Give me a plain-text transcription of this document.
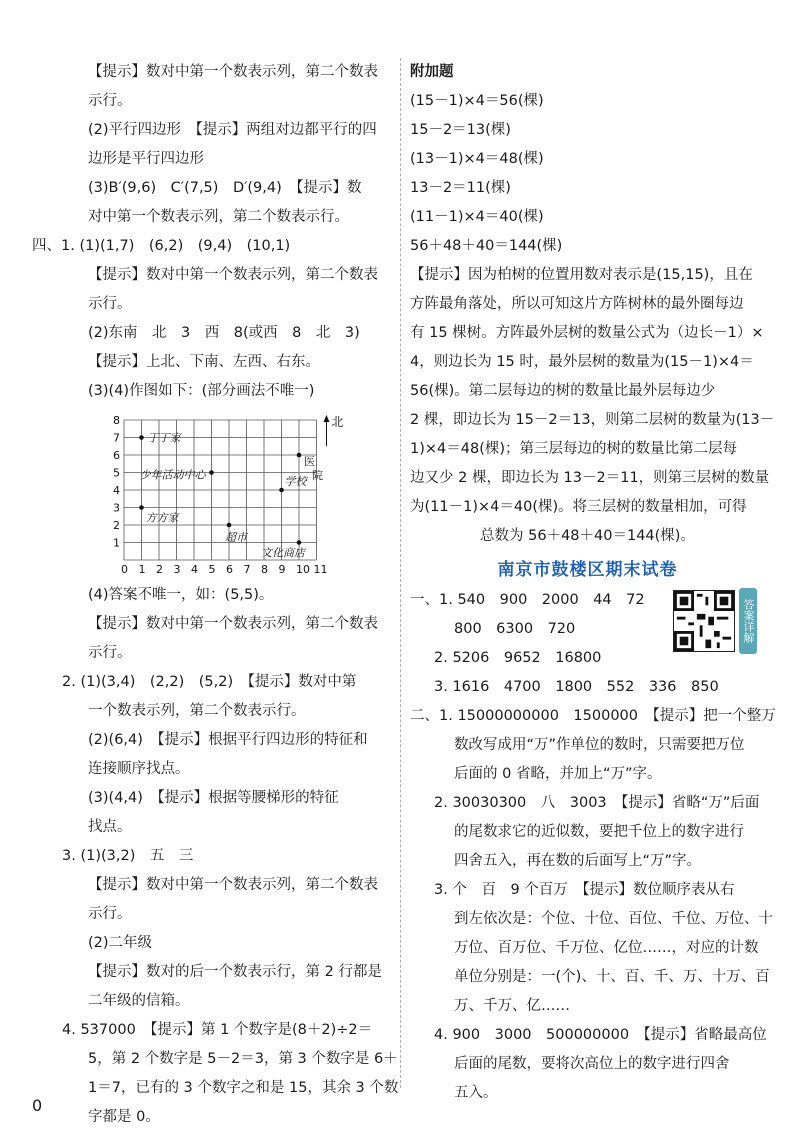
【提示】数对中第一个数表示列，第二个数表
示行。
(2)平行四边形　【提示】两组对边都平行的四
边形是平行四边形
(3)B′(9,6)　C′(7,5)　D′(9,4)　【提示】数
对中第一个数表示列，第二个数表示行。
四、1. (1)(1,7)　(6,2)　(9,4)　(10,1)
【提示】数对中第一个数表示列，第二个数表
示行。
(2)东南　北　3　西　8(或西　8　北　3)
【提示】上北、下南、左西、右东。
(3)(4)作图如下：(部分画法不唯一)
0 1 2 3 4 5 6 7 8 9 10 11
1
2
3
4
5
6
7
8	北
丁丁家
医
院
少年活动中心	学校
方方家
超市
文化商店
(4)答案不唯一，如：(5,5)。
【提示】数对中第一个数表示列，第二个数表
示行。
2. (1)(3,4)　(2,2)　(5,2)　【提示】数对中第
一个数表示列，第二个数表示行。
(2)(6,4)　【提示】根据平行四边形的特征和
连接顺序找点。
(3)(4,4)　【提示】根据等腰梯形的特征
找点。
3. (1)(3,2)　五　三
【提示】数对中第一个数表示列，第二个数表
示行。
(2)二年级
【提示】数对的后一个数表示行，第 2 行都是
二年级的信箱。
4. 537000　【提示】第 1 个数字是(8＋2)÷2＝
5，第 2 个数字是 5－2＝3，第 3 个数字是 6＋
1＝7，已有的 3 个数字之和是 15，其余 3 个数
字都是 0。
附加题
(15－1)×4＝56(棵)
15－2＝13(棵)
(13－1)×4＝48(棵)
13－2＝11(棵)
(11－1)×4＝40(棵)
56＋48＋40＝144(棵)
【提示】因为柏树的位置用数对表示是(15,15)，且在
方阵最角落处，所以可知这片方阵树林的最外圈每边
有 15 棵树。方阵最外层树的数量公式为（边长－1）×
4，则边长为 15 时，最外层树的数量为(15－1)×4＝
56(棵)。第二层每边的树的数量比最外层每边少
2 棵，即边长为 15－2＝13，则第二层树的数量为(13－
1)×4＝48(棵)；第三层每边的树的数量比第二层每
边又少 2 棵，即边长为 13－2＝11，则第三层树的数量
为(11－1)×4＝40(棵)。将三层树的数量相加，可得
总数为 56＋48＋40＝144(棵)。
南京市鼓楼区期末试卷
一、1. 540　900　2000　44　72
800　6300　720
2. 5206　9652　16800
3. 1616　4700　1800　552　336　850
二、1. 15000000000　1500000　【提示】把一个整万
数改写成用“万”作单位的数时，只需要把万位
后面的 0 省略，并加上“万”字。
2. 30030300　八　3003　【提示】省略“万”后面
的尾数求它的近似数，要把千位上的数字进行
四舍五入，再在数的后面写上“万”字。
3. 个　百　9 个百万　【提示】数位顺序表从右
到左依次是：个位、十位、百位、千位、万位、十
万位、百万位、千万位、亿位……，对应的计数
单位分别是：一(个)、十、百、千、万、十万、百
万、千万、亿……
4. 900　3000　500000000　【提示】省略最高位
后面的尾数，要将次高位上的数字进行四舍
五入。
答案详解
0
